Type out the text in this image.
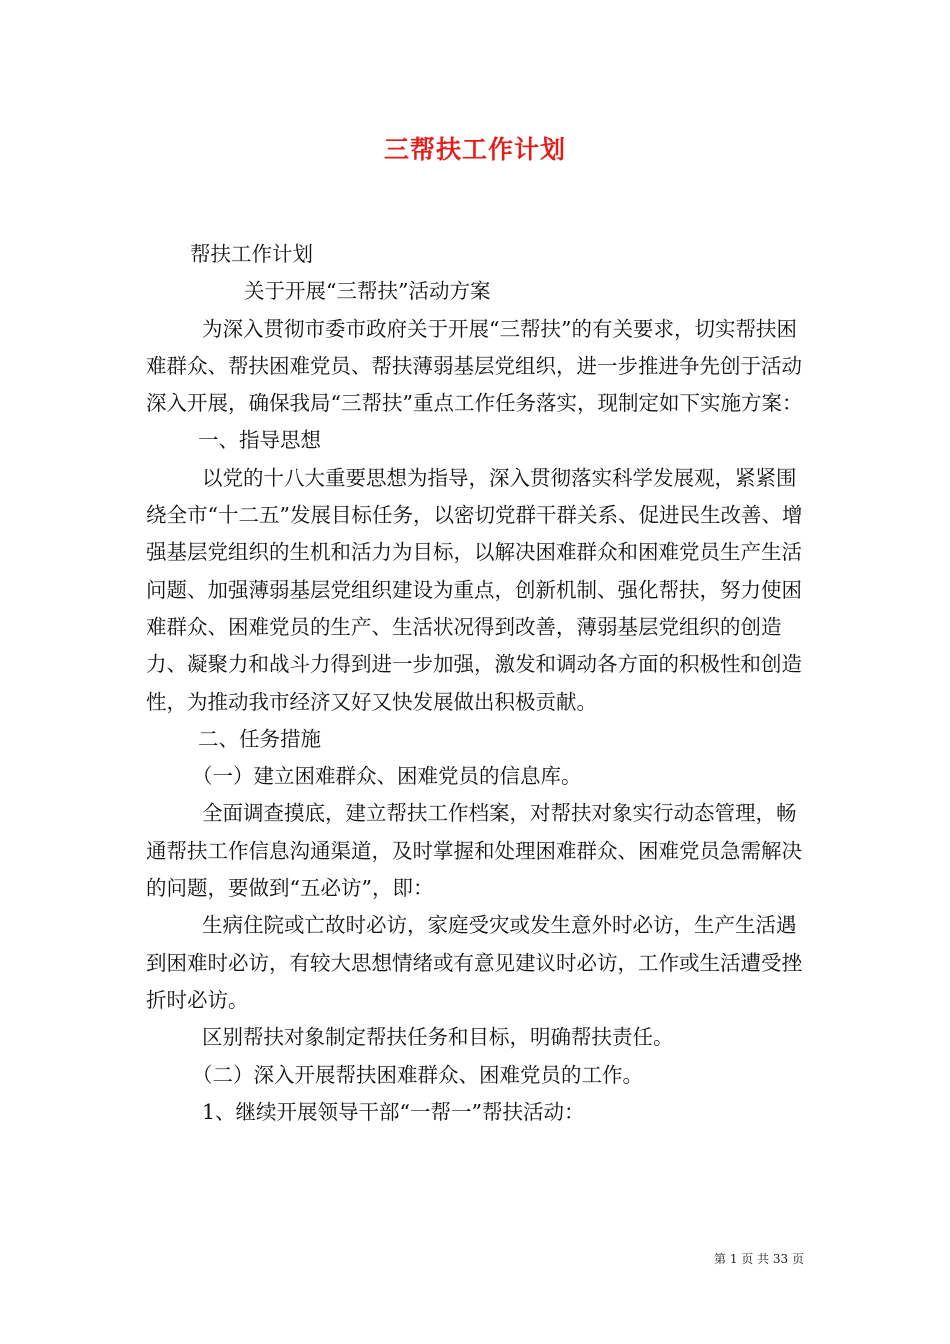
三帮扶工作计划

帮扶工作计划

关于开展“三帮扶”活动方案

为深入贯彻市委市政府关于开展“三帮扶”的有关要求，切实帮扶困难群众、帮扶困难党员、帮扶薄弱基层党组织，进一步推进争先创于活动深入开展，确保我局“三帮扶”重点工作任务落实，现制定如下实施方案：

一、指导思想

以党的十八大重要思想为指导，深入贯彻落实科学发展观，紧紧围绕全市“十二五”发展目标任务，以密切党群干群关系、促进民生改善、增强基层党组织的生机和活力为目标，以解决困难群众和困难党员生产生活问题、加强薄弱基层党组织建设为重点，创新机制、强化帮扶，努力使困难群众、困难党员的生产、生活状况得到改善，薄弱基层党组织的创造力、凝聚力和战斗力得到进一步加强，激发和调动各方面的积极性和创造性，为推动我市经济又好又快发展做出积极贡献。

二、任务措施

（一）建立困难群众、困难党员的信息库。

全面调查摸底，建立帮扶工作档案，对帮扶对象实行动态管理，畅通帮扶工作信息沟通渠道，及时掌握和处理困难群众、困难党员急需解决的问题，要做到“五必访”，即：

生病住院或亡故时必访，家庭受灾或发生意外时必访，生产生活遇到困难时必访，有较大思想情绪或有意见建议时必访，工作或生活遭受挫折时必访。

区别帮扶对象制定帮扶任务和目标，明确帮扶责任。

（二）深入开展帮扶困难群众、困难党员的工作。

1、继续开展领导干部“一帮一”帮扶活动：

第 1 页 共 33 页
